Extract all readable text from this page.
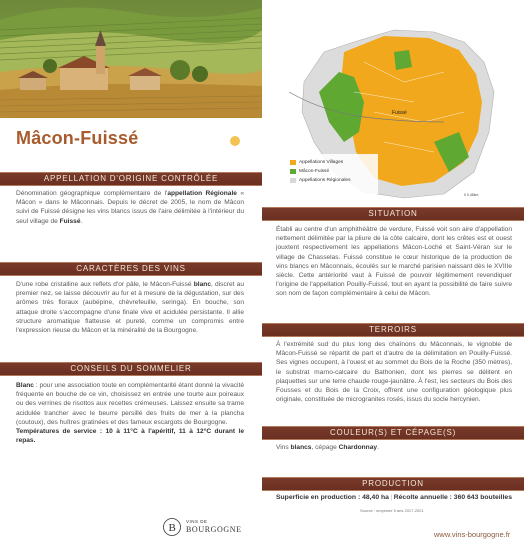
Fuissé
0 0,45km
Appellations Villages
Mâcon-Fuissé
Appellations Régionales
Mâcon-Fuissé
APPELLATION D'ORIGINE CONTRÔLÉE
Dénomination géographique complémentaire de l'appellation Régionale « Mâcon » dans le Mâconnais. Depuis le décret de 2005, le nom de Mâcon suivi de Fuissé désigne les vins blancs issus de l'aire délimitée à l'intérieur du seul village de Fuissé.
CARACTÈRES DES VINS
D'une robe cristalline aux reflets d'or pâle, le Mâcon-Fuissé blanc, discret au premier nez, se laisse découvrir au fur et à mesure de la dégustation, sur des arômes très floraux (aubépine, chèvrefeuille, seringa). En bouche, son attaque droite s'accompagne d'une finale vive et acidulée persistante. Il allie structure aromatique flatteuse et pureté, comme un compromis entre l'expression rieuse du Mâcon et la minéralité de la Bourgogne.
CONSEILS DU SOMMELIER
Blanc : pour une association toute en complémentarité étant donné la vivacité fréquente en bouche de ce vin, choisissez en entrée une tourte aux poireaux ou des verrines de risottos aux recettes crémeuses. Laissez ensuite sa trame acidulée trancher avec le beurre persillé des fruits de mer à la plancha (coutoux), des huîtres gratinées et des fameux escargots de Bourgogne.
Températures de service : 10 à 11°C à l'apéritif, 11 à 12°C durant le repas.
SITUATION
Établi au centre d'un amphithéâtre de verdure, Fuissé voit son aire d'appellation nettement délimitée par la pliure de la côte calcaire, dont les crêtes est et ouest jouxtent respectivement les appellations Mâcon-Loché et Saint-Véran sur le village de Chasselas. Fuissé constitue le cœur historique de la production de vins blancs en Mâconnais, écoulés sur le marché parisien naissant dès le XVIIIe siècle. Cette antériorité vaut à Fuissé de pouvoir légitimement revendiquer l'origine de l'appellation Pouilly-Fuissé, tout en ayant la possibilité de faire suivre son nom de façon complémentaire à celui de Mâcon.
TERROIRS
À l'extrémité sud du plus long des chaînons du Mâconnais, le vignoble de Mâcon-Fuissé se répartit de part et d'autre de la délimitation en Pouilly-Fuissé. Ses vignes occupent, à l'ouest et au sommet du Bois de la Roche (350 mètres), le substrat marno-calcaire du Bathonien, dont les pierres se délitent en plaquettes sur une terre chaude rouge-jaunâtre. À l'est, les secteurs du Bois des Fousses et du Bois de la Croix, offrent une configuration géologique plus originale, constituée de microgranites rosés, issus du socle hercynien.
COULEUR(S) ET CÉPAGE(S)
Vins blancs, cépage Chardonnay.
PRODUCTION
Superficie en production : 48,40 ha | Récolte annuelle : 360 643 bouteilles
Source : moyenne 5 ans 2017-2021
B
VINS DE
BOURGOGNE
www.vins-bourgogne.fr
